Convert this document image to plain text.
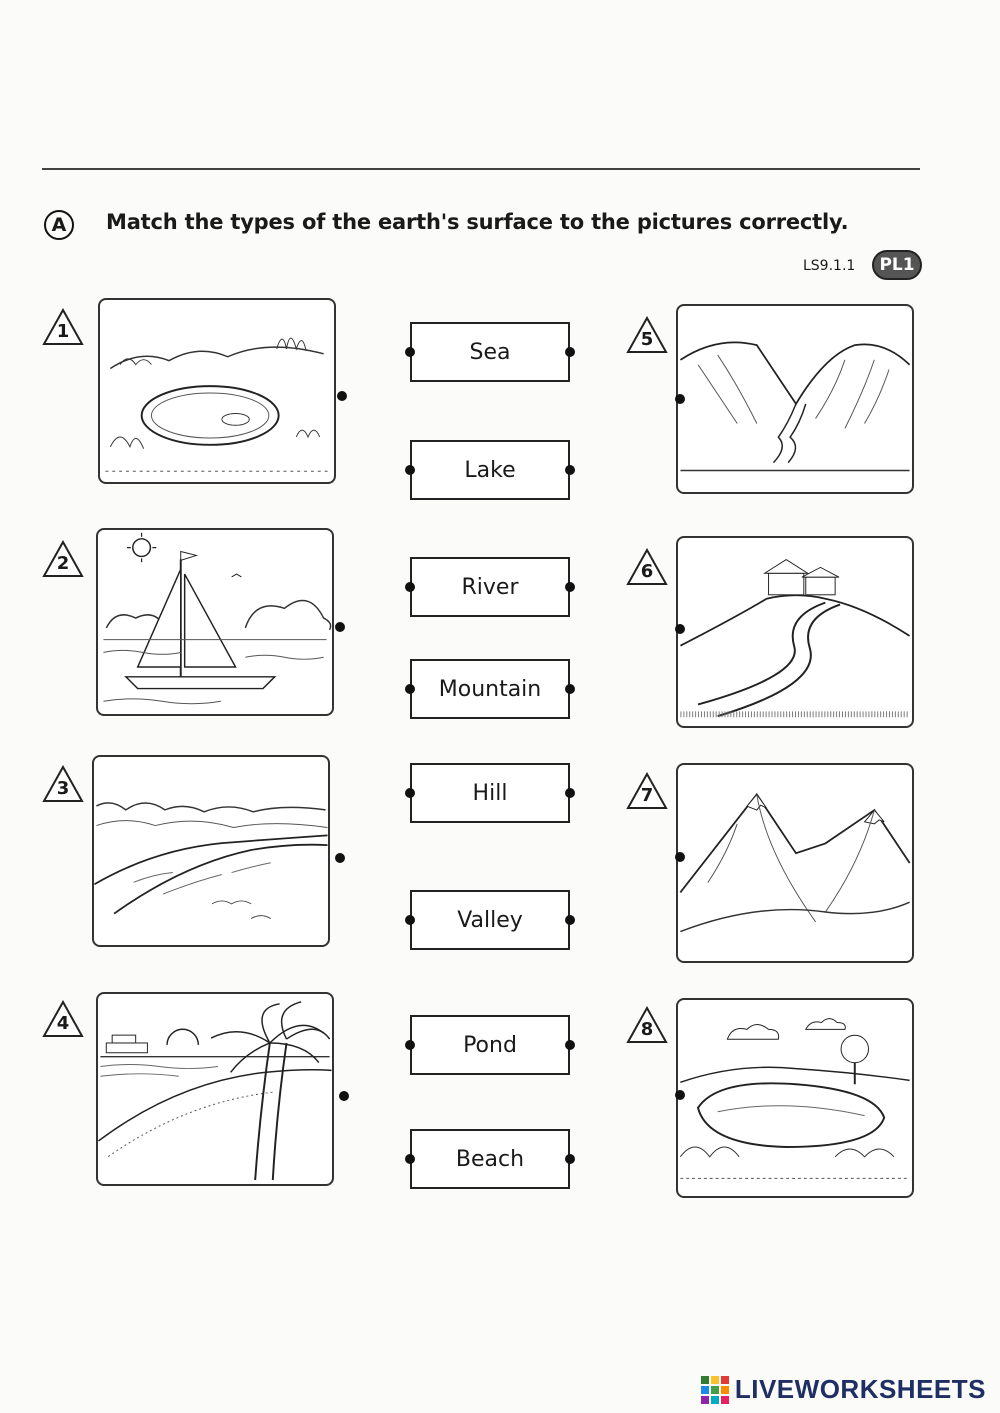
A	Match the types of the earth's surface to the pictures correctly.
LS9.1.1	PL1
1
2
3
4
5
6
7
8
Sea
Lake
River
Mountain
Hill
Valley
Pond
Beach
LIVEWORKSHEETS
